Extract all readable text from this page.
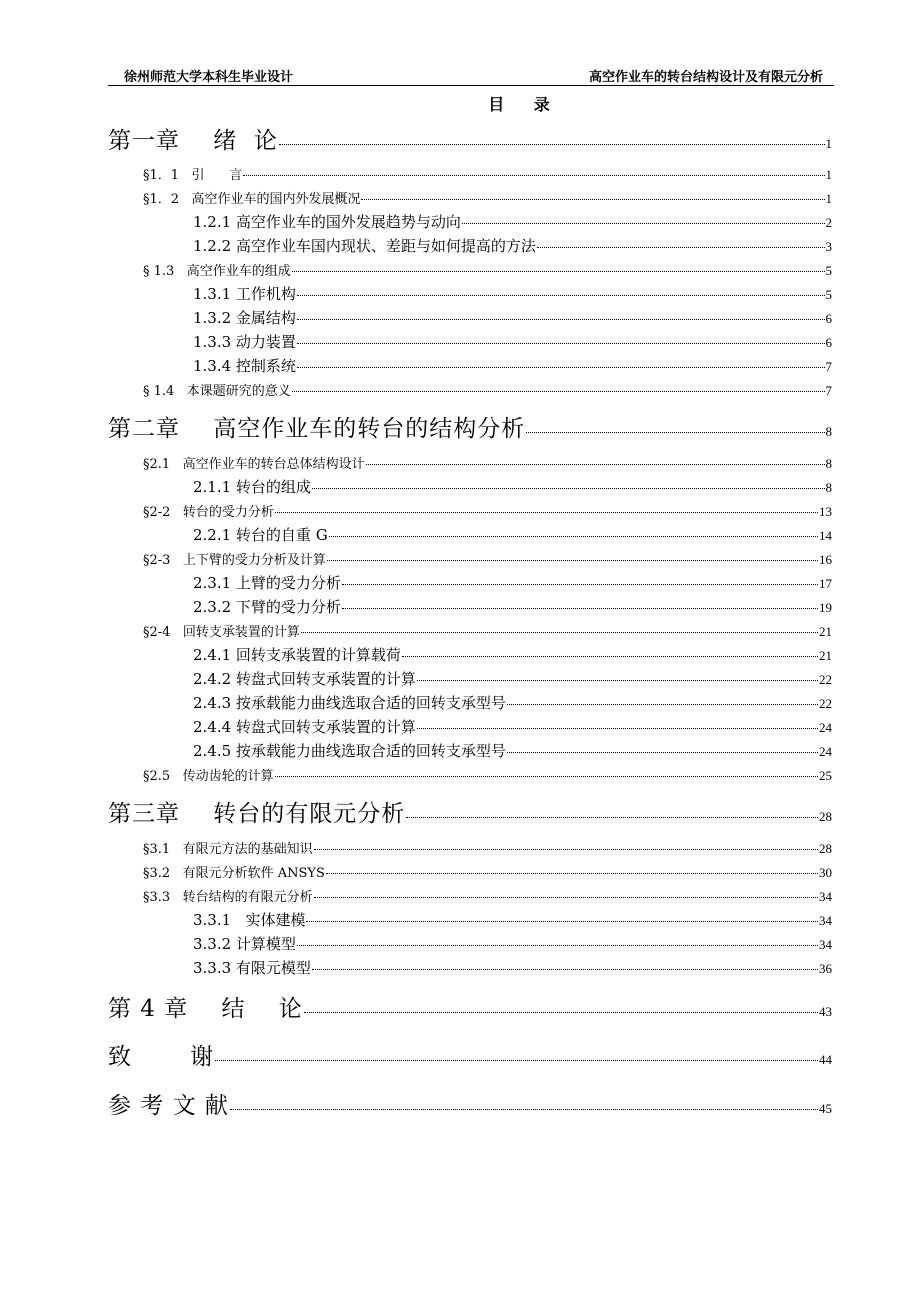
徐州师范大学本科生毕业设计	高空作业车的转台结构设计及有限元分析
目 录
第一章    绪  论	1
§1．1   引      言	1
§1．2   高空作业车的国内外发展概况	1
1.2.1 高空作业车的国外发展趋势与动向	2
1.2.2 高空作业车国内现状、差距与如何提高的方法	3
§ 1.3   高空作业车的组成	5
1.3.1 工作机构	5
1.3.2 金属结构	6
1.3.3 动力装置	6
1.3.4 控制系统	7
§ 1.4   本课题研究的意义	7
第二章    高空作业车的转台的结构分析	8
§2.1   高空作业车的转台总体结构设计	8
2.1.1 转台的组成	8
§2-2   转台的受力分析	13
2.2.1 转台的自重 G	14
§2-3   上下臂的受力分析及计算	16
2.3.1 上臂的受力分析	17
2.3.2 下臂的受力分析	19
§2-4   回转支承装置的计算	21
2.4.1 回转支承装置的计算载荷	21
2.4.2 转盘式回转支承装置的计算	22
2.4.3 按承载能力曲线选取合适的回转支承型号	22
2.4.4 转盘式回转支承装置的计算	24
2.4.5 按承载能力曲线选取合适的回转支承型号	24
§2.5   传动齿轮的计算	25
第三章    转台的有限元分析	28
§3.1   有限元方法的基础知识	28
§3.2   有限元分析软件 ANSYS	30
§3.3   转台结构的有限元分析	34
3.3.1   实体建模	34
3.3.2 计算模型	34
3.3.3 有限元模型	36
第 4 章    结    论	43
致       谢	44
参 考 文 献	45
